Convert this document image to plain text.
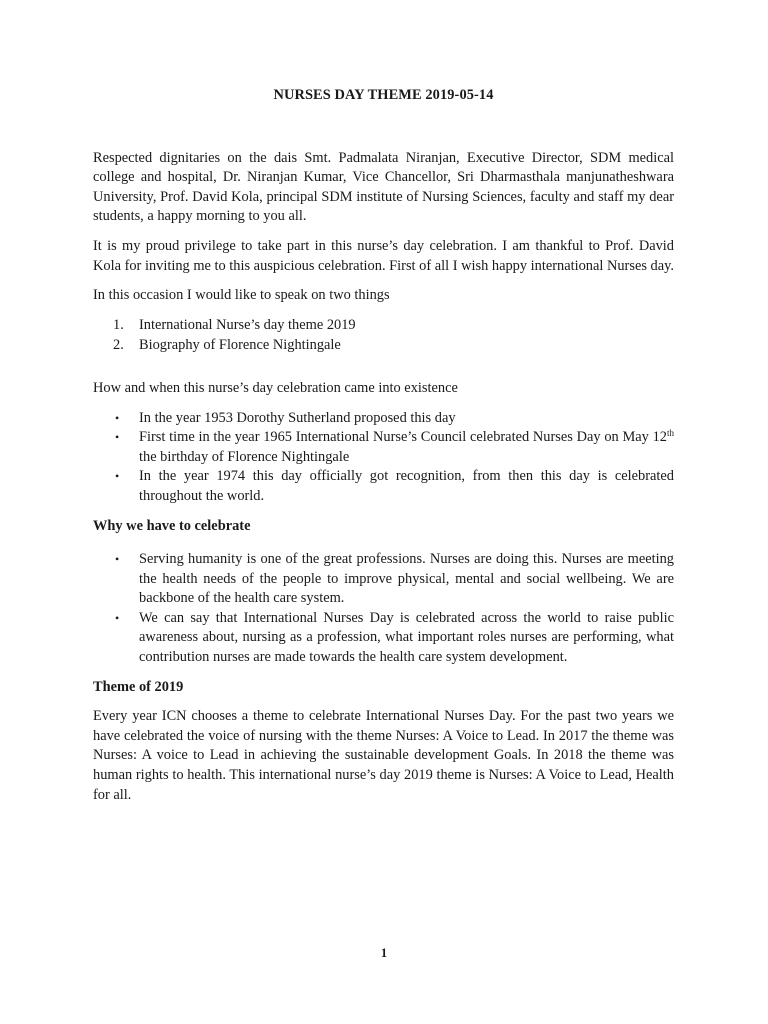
NURSES DAY THEME 2019-05-14

Respected dignitaries on the dais Smt. Padmalata Niranjan, Executive Director, SDM medical college and hospital, Dr. Niranjan Kumar, Vice Chancellor, Sri Dharmasthala manjunatheshwara University, Prof. David Kola, principal SDM institute of Nursing Sciences, faculty and staff my dear students, a happy morning to you all.

It is my proud privilege to take part in this nurse’s day celebration. I am thankful to Prof. David Kola for inviting me to this auspicious celebration. First of all I wish happy international Nurses day.

In this occasion I would like to speak on two things

1. International Nurse’s day theme 2019
2. Biography of Florence Nightingale

How and when this nurse’s day celebration came into existence

• In the year 1953 Dorothy Sutherland proposed this day
• First time in the year 1965 International Nurse’s Council celebrated Nurses Day on May 12th the birthday of Florence Nightingale
• In the year 1974 this day officially got recognition, from then this day is celebrated throughout the world.

Why we have to celebrate

• Serving humanity is one of the great professions. Nurses are doing this. Nurses are meeting the health needs of the people to improve physical, mental and social wellbeing. We are backbone of the health care system.
• We can say that International Nurses Day is celebrated across the world to raise public awareness about, nursing as a profession, what important roles nurses are performing, what contribution nurses are made towards the health care system development.

Theme of 2019

Every year ICN chooses a theme to celebrate International Nurses Day. For the past two years we have celebrated the voice of nursing with the theme Nurses: A Voice to Lead. In 2017 the theme was Nurses: A voice to Lead in achieving the sustainable development Goals. In 2018 the theme was human rights to health. This international nurse’s day 2019 theme is Nurses: A Voice to Lead, Health for all.

1
